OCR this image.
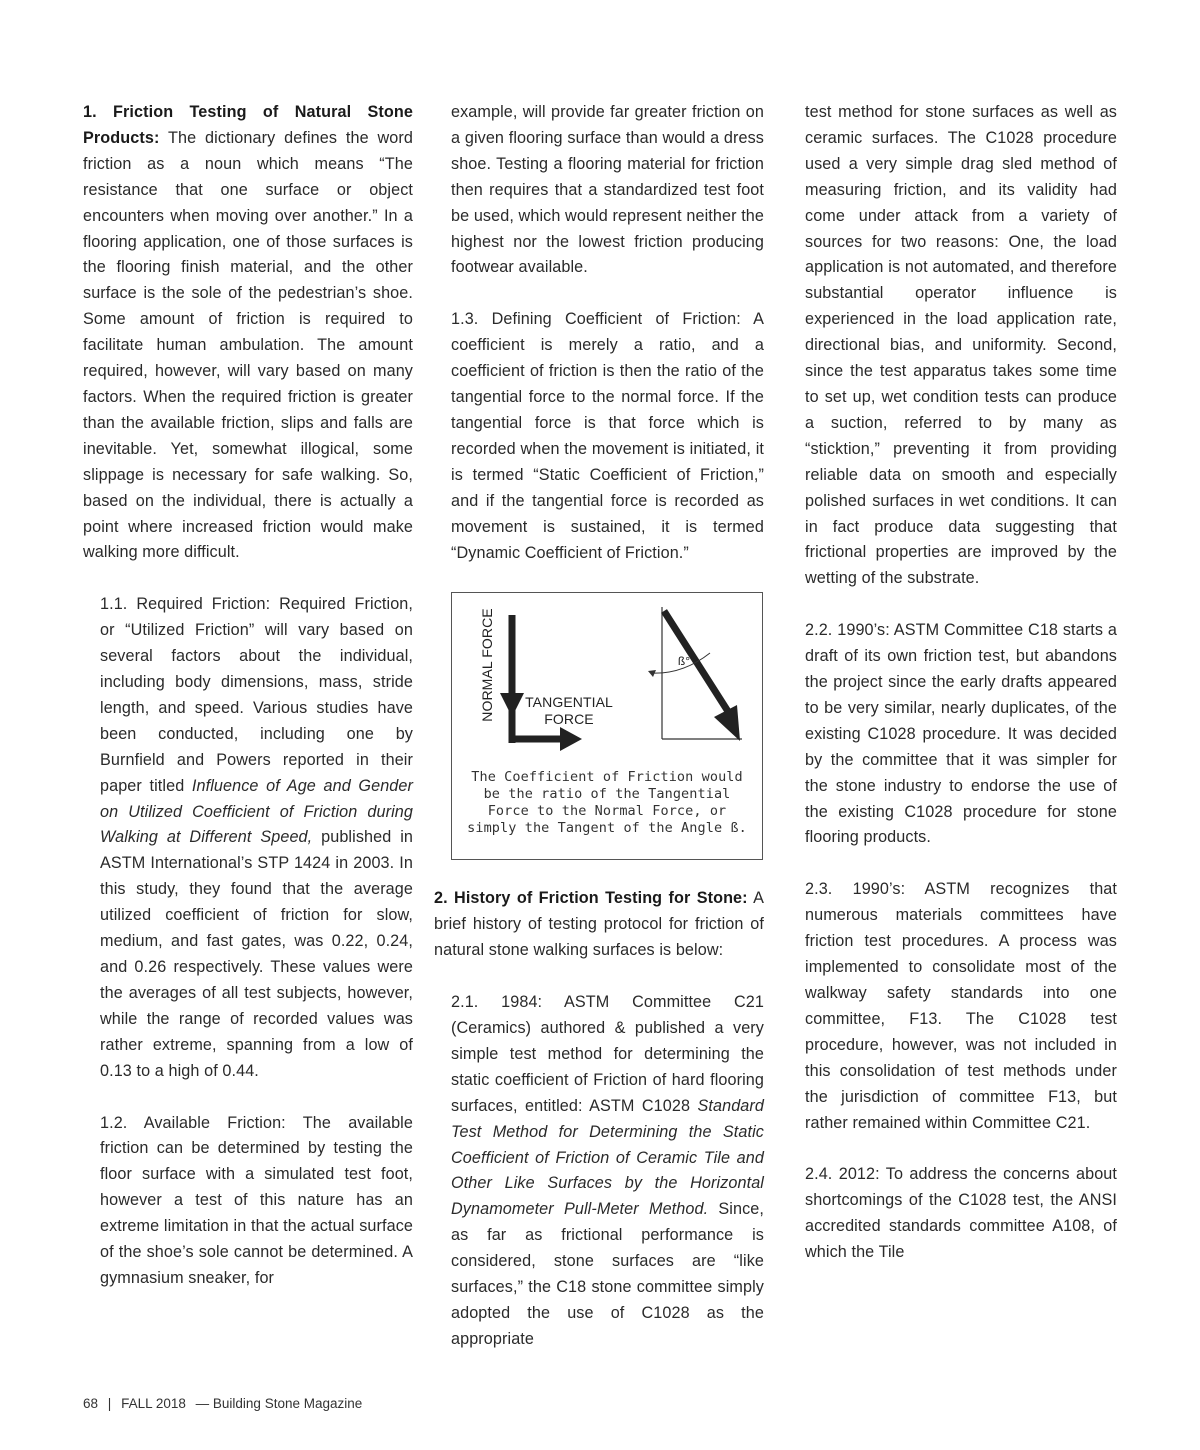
1. Friction Testing of Natural Stone Products: The dictionary defines the word friction as a noun which means “The resistance that one surface or object encounters when moving over another.” In a flooring application, one of those surfaces is the flooring finish material, and the other surface is the sole of the pedestrian’s shoe. Some amount of friction is required to facilitate human ambulation. The amount required, however, will vary based on many factors. When the required friction is greater than the available friction, slips and falls are inevitable. Yet, somewhat illogical, some slippage is necessary for safe walking. So, based on the individual, there is actually a point where increased friction would make walking more difficult.

1.1. Required Friction: Required Friction, or “Utilized Friction” will vary based on several factors about the individual, including body dimensions, mass, stride length, and speed. Various studies have been conducted, including one by Burnfield and Powers reported in their paper titled Influence of Age and Gender on Utilized Coefficient of Friction during Walking at Different Speed, published in ASTM International’s STP 1424 in 2003. In this study, they found that the average utilized coefficient of friction for slow, medium, and fast gates, was 0.22, 0.24, and 0.26 respectively. These values were the averages of all test subjects, however, while the range of recorded values was rather extreme, spanning from a low of 0.13 to a high of 0.44.

1.2. Available Friction: The available friction can be determined by testing the floor surface with a simulated test foot, however a test of this nature has an extreme limitation in that the actual surface of the shoe’s sole cannot be determined. A gymnasium sneaker, for

example, will provide far greater friction on a given flooring surface than would a dress shoe. Testing a flooring material for friction then requires that a standardized test foot be used, which would represent neither the highest nor the lowest friction producing footwear available.

1.3. Defining Coefficient of Friction: A coefficient is merely a ratio, and a coefficient of friction is then the ratio of the tangential force to the normal force. If the tangential force is that force which is recorded when the movement is initiated, it is termed “Static Coefficient of Friction,” and if the tangential force is recorded as movement is sustained, it is termed “Dynamic Coefficient of Friction.”

NORMAL FORCE TANGENTIAL
FORCE
ß°
The Coefficient of Friction would be the ratio of the Tangential Force to the Normal Force, or simply the Tangent of the Angle ß.

2. History of Friction Testing for Stone: A brief history of testing protocol for friction of natural stone walking surfaces is below:

2.1. 1984: ASTM Committee C21 (Ceramics) authored & published a very simple test method for determining the static coefficient of Friction of hard flooring surfaces, entitled: ASTM C1028 Standard Test Method for Determining the Static Coefficient of Friction of Ceramic Tile and Other Like Surfaces by the Horizontal Dynamometer Pull-Meter Method. Since, as far as frictional performance is considered, stone surfaces are “like surfaces,” the C18 stone committee simply adopted the use of C1028 as the appropriate

test method for stone surfaces as well as ceramic surfaces. The C1028 procedure used a very simple drag sled method of measuring friction, and its validity had come under attack from a variety of sources for two reasons: One, the load application is not automated, and therefore substantial operator influence is experienced in the load application rate, directional bias, and uniformity. Second, since the test apparatus takes some time to set up, wet condition tests can produce a suction, referred to by many as “sticktion,” preventing it from providing reliable data on smooth and especially polished surfaces in wet conditions. It can in fact produce data suggesting that frictional properties are improved by the wetting of the substrate.

2.2. 1990’s: ASTM Committee C18 starts a draft of its own friction test, but abandons the project since the early drafts appeared to be very similar, nearly duplicates, of the existing C1028 procedure. It was decided by the committee that it was simpler for the stone industry to endorse the use of the existing C1028 procedure for stone flooring products.

2.3. 1990’s: ASTM recognizes that numerous materials committees have friction test procedures. A process was implemented to consolidate most of the walkway safety standards into one committee, F13. The C1028 test procedure, however, was not included in this consolidation of test methods under the jurisdiction of committee F13, but rather remained within Committee C21.

2.4. 2012: To address the concerns about shortcomings of the C1028 test, the ANSI accredited standards committee A108, of which the Tile

68 | FALL 2018 — Building Stone Magazine
